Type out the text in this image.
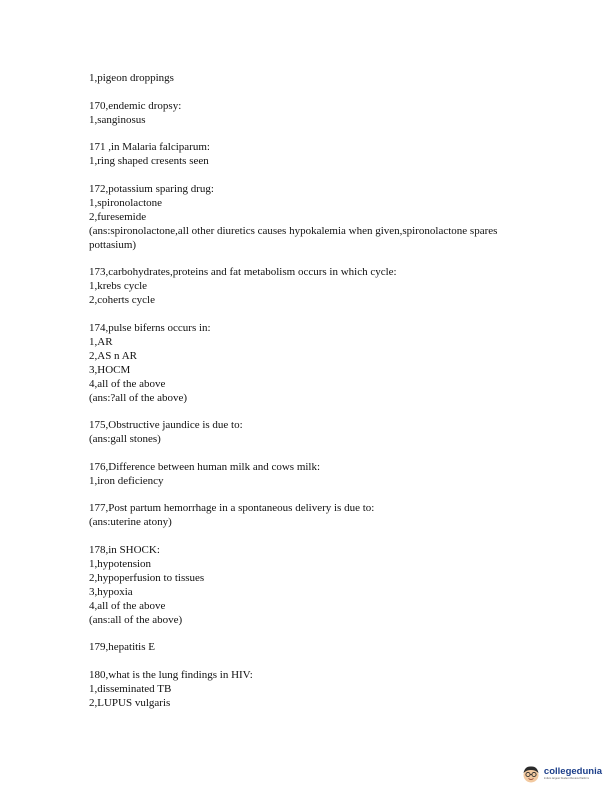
1,pigeon droppings
170,endemic dropsy:
1,sanginosus
171 ,in Malaria falciparum:
1,ring shaped cresents seen
172,potassium sparing drug:
1,spironolactone
2,furesemide
(ans:spironolactone,all other diuretics causes hypokalemia when given,spironolactone spares pottasium)
173,carbohydrates,proteins and fat metabolism occurs in which cycle:
1,krebs cycle
2,coherts cycle
174,pulse biferns occurs in:
1,AR
2,AS n AR
3,HOCM
4,all of the above
(ans:?all of the above)
175,Obstructive jaundice is due to:
(ans:gall stones)
176,Difference between human milk and cows milk:
1,iron deficiency
177,Post partum hemorrhage in a spontaneous delivery is due to:
(ans:uterine atony)
178,in SHOCK:
1,hypotension
2,hypoperfusion to tissues
3,hypoxia
4,all of the above
(ans:all of the above)
179,hepatitis E
180,what is the lung findings in HIV:
1,disseminated TB
2,LUPUS vulgaris
collegedunia
India's largest Student Review Platform
